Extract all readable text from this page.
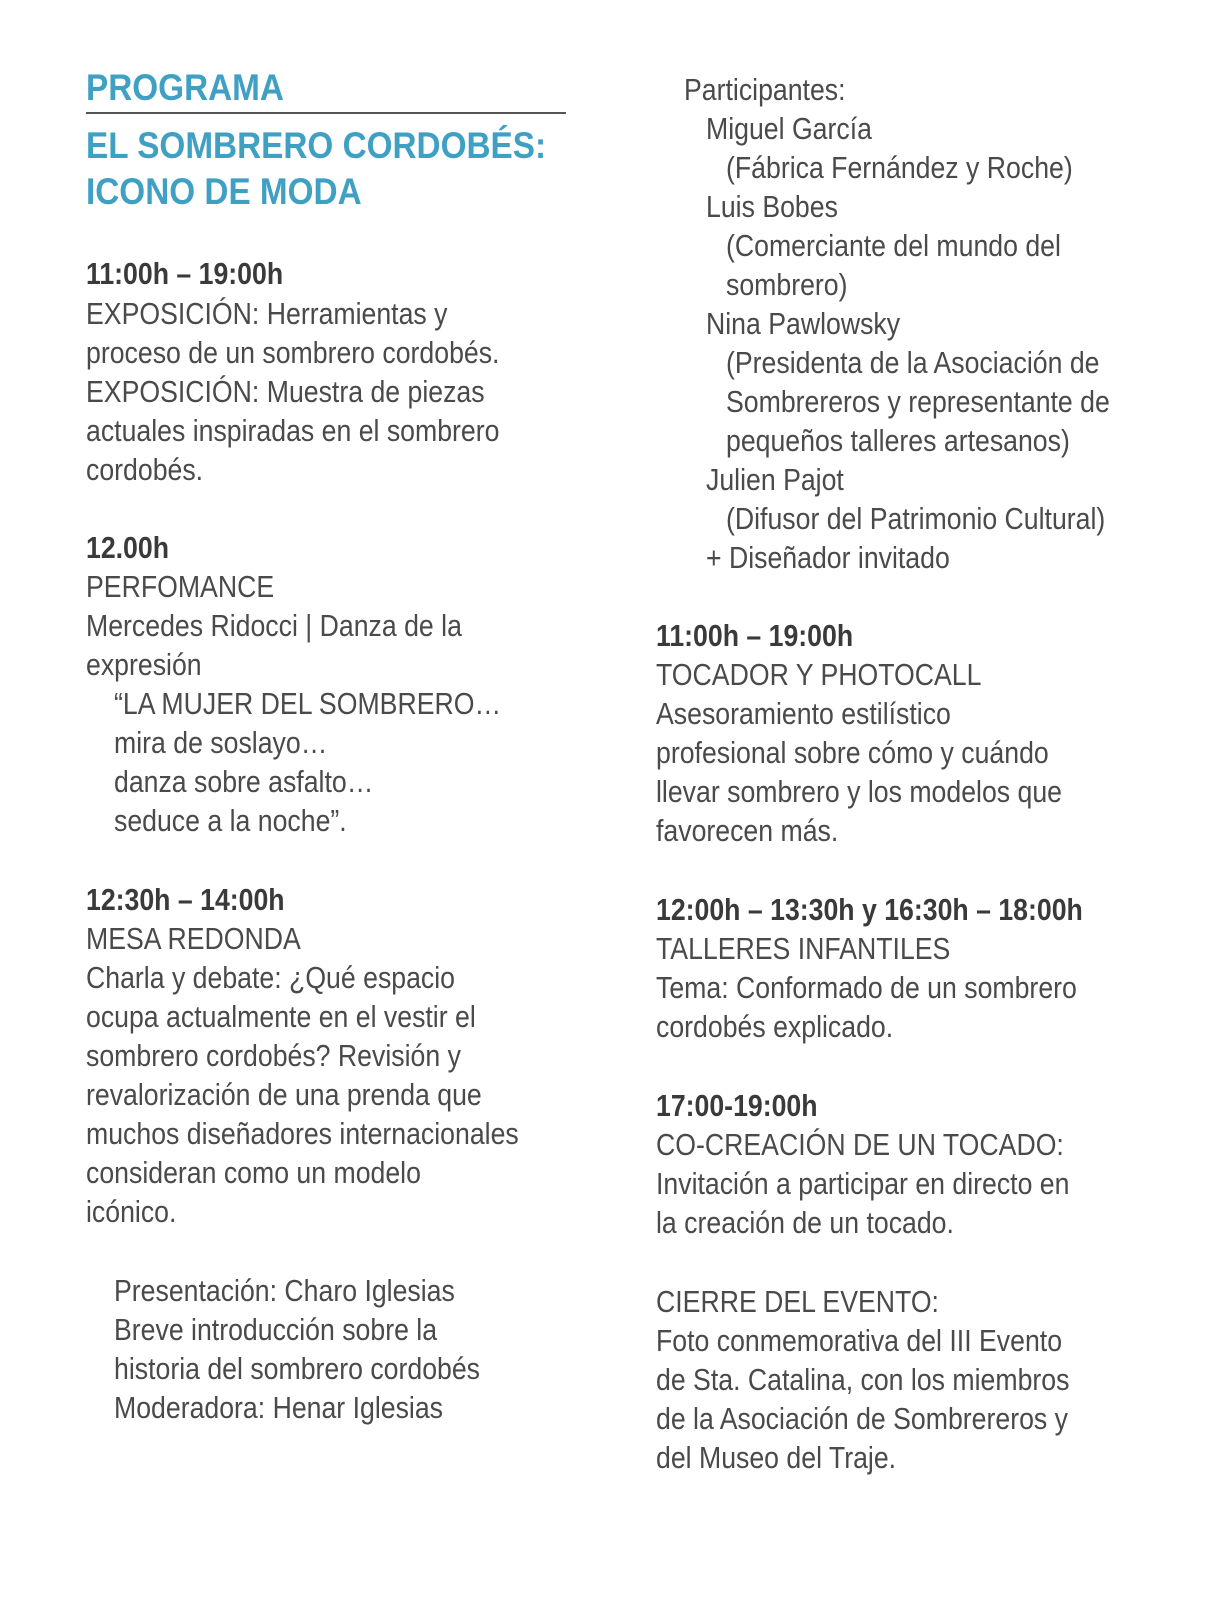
PROGRAMA
EL SOMBRERO CORDOBÉS:
ICONO DE MODA
11:00h – 19:00h
EXPOSICIÓN: Herramientas y
proceso de un sombrero cordobés.
EXPOSICIÓN: Muestra de piezas
actuales inspiradas en el sombrero
cordobés.
12.00h
PERFOMANCE
Mercedes Ridocci | Danza de la
expresión
“LA MUJER DEL SOMBRERO…
mira de soslayo…
danza sobre asfalto…
seduce a la noche”.
12:30h – 14:00h
MESA REDONDA
Charla y debate: ¿Qué espacio
ocupa actualmente en el vestir el
sombrero cordobés? Revisión y
revalorización de una prenda que
muchos diseñadores internacionales
consideran como un modelo
icónico.
Presentación: Charo Iglesias
Breve introducción sobre la
historia del sombrero cordobés
Moderadora: Henar Iglesias
Participantes:
Miguel García
(Fábrica Fernández y Roche)
Luis Bobes
(Comerciante del mundo del
sombrero)
Nina Pawlowsky
(Presidenta de la Asociación de
Sombrereros y representante de
pequeños talleres artesanos)
Julien Pajot
(Difusor del Patrimonio Cultural)
+ Diseñador invitado
11:00h – 19:00h
TOCADOR Y PHOTOCALL
Asesoramiento estilístico
profesional sobre cómo y cuándo
llevar sombrero y los modelos que
favorecen más.
12:00h – 13:30h y 16:30h – 18:00h
TALLERES INFANTILES
Tema: Conformado de un sombrero
cordobés explicado.
17:00-19:00h
CO-CREACIÓN DE UN TOCADO:
Invitación a participar en directo en
la creación de un tocado.
CIERRE DEL EVENTO:
Foto conmemorativa del III Evento
de Sta. Catalina, con los miembros
de la Asociación de Sombrereros y
del Museo del Traje.
